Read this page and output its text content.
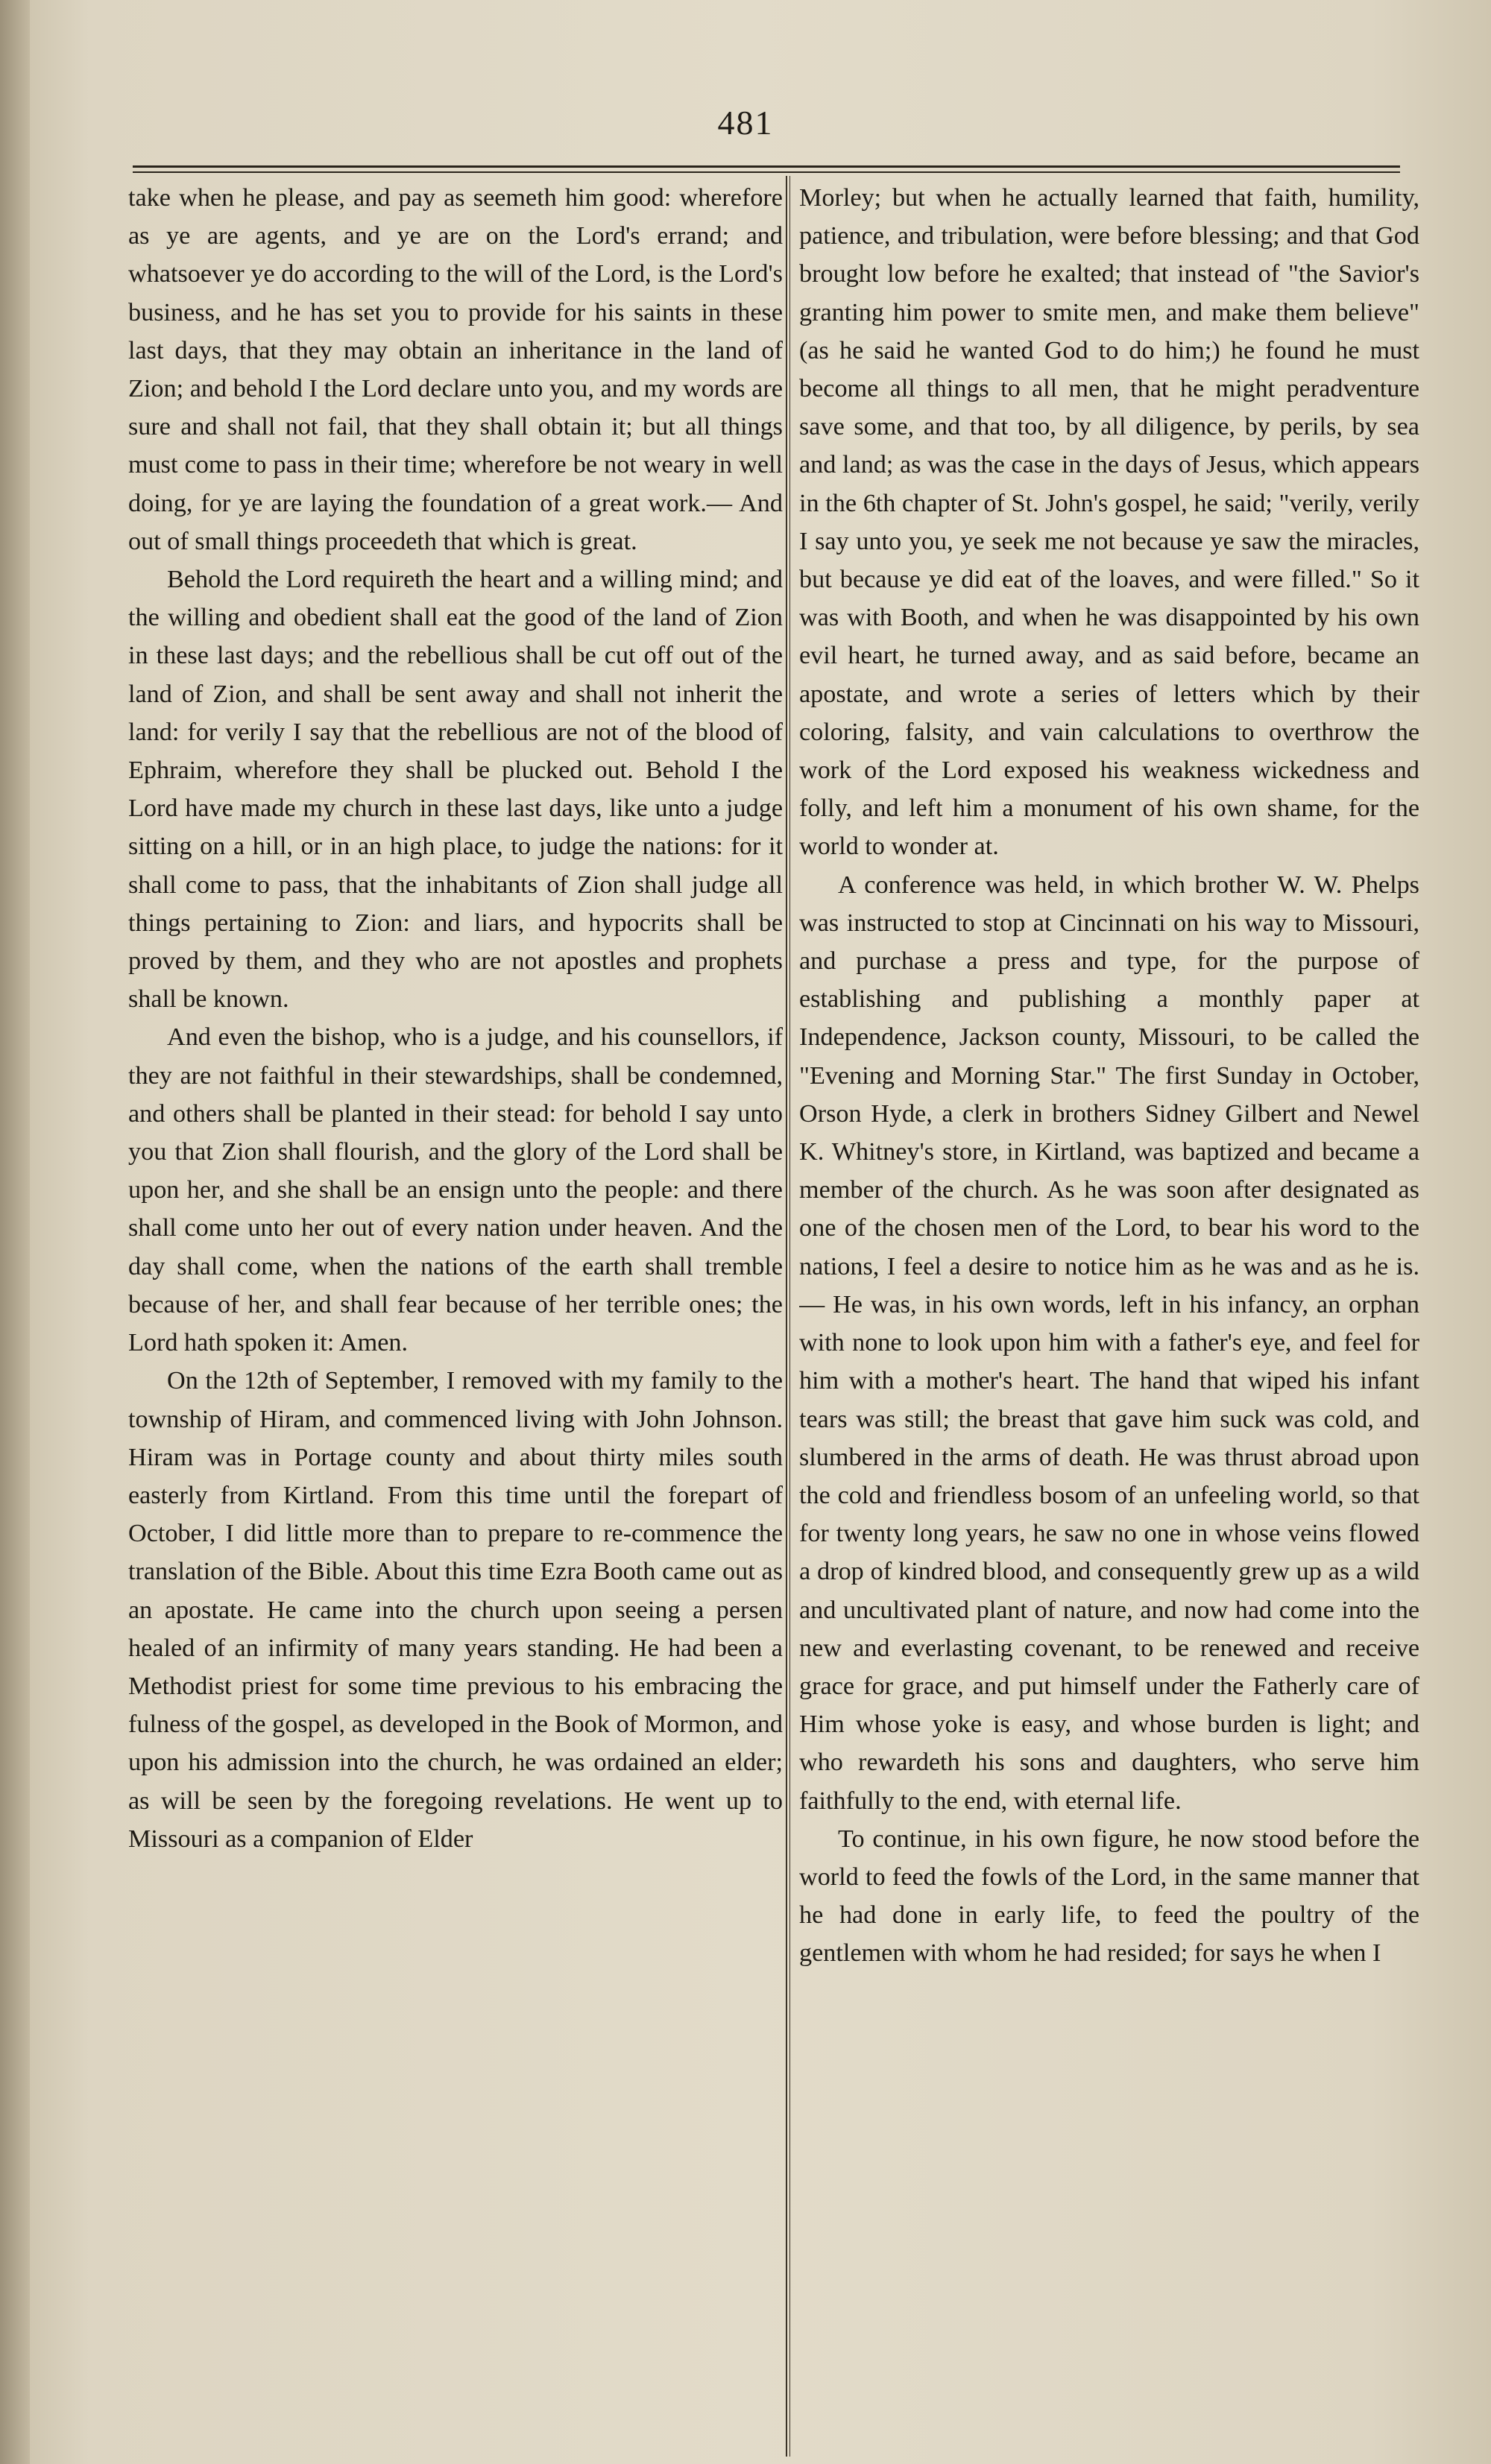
481

take when he please, and pay as seemeth him good: wherefore as ye are agents, and ye are on the Lord's errand; and whatsoever ye do according to the will of the Lord, is the Lord's business, and he has set you to provide for his saints in these last days, that they may obtain an inheritance in the land of Zion; and behold I the Lord declare unto you, and my words are sure and shall not fail, that they shall obtain it; but all things must come to pass in their time; wherefore be not weary in well doing, for ye are laying the foundation of a great work.— And out of small things proceedeth that which is great.

Behold the Lord requireth the heart and a willing mind; and the willing and obedient shall eat the good of the land of Zion in these last days; and the rebellious shall be cut off out of the land of Zion, and shall be sent away and shall not inherit the land: for verily I say that the rebellious are not of the blood of Ephraim, wherefore they shall be plucked out. Behold I the Lord have made my church in these last days, like unto a judge sitting on a hill, or in an high place, to judge the nations: for it shall come to pass, that the inhabitants of Zion shall judge all things pertaining to Zion: and liars, and hypocrits shall be proved by them, and they who are not apostles and prophets shall be known.

And even the bishop, who is a judge, and his counsellors, if they are not faithful in their stewardships, shall be condemned, and others shall be planted in their stead: for behold I say unto you that Zion shall flourish, and the glory of the Lord shall be upon her, and she shall be an ensign unto the people: and there shall come unto her out of every nation under heaven. And the day shall come, when the nations of the earth shall tremble because of her, and shall fear because of her terrible ones; the Lord hath spoken it: Amen.

On the 12th of September, I removed with my family to the township of Hiram, and commenced living with John Johnson. Hiram was in Portage county and about thirty miles south easterly from Kirtland. From this time until the forepart of October, I did little more than to prepare to re-commence the translation of the Bible. About this time Ezra Booth came out as an apostate. He came into the church upon seeing a persen healed of an infirmity of many years standing. He had been a Methodist priest for some time previous to his embracing the fulness of the gospel, as developed in the Book of Mormon, and upon his admission into the church, he was ordained an elder; as will be seen by the foregoing revelations. He went up to Missouri as a companion of Elder

Morley; but when he actually learned that faith, humility, patience, and tribulation, were before blessing; and that God brought low before he exalted; that instead of "the Savior's granting him power to smite men, and make them believe" (as he said he wanted God to do him;) he found he must become all things to all men, that he might peradventure save some, and that too, by all diligence, by perils, by sea and land; as was the case in the days of Jesus, which appears in the 6th chapter of St. John's gospel, he said; "verily, verily I say unto you, ye seek me not because ye saw the miracles, but because ye did eat of the loaves, and were filled." So it was with Booth, and when he was disappointed by his own evil heart, he turned away, and as said before, became an apostate, and wrote a series of letters which by their coloring, falsity, and vain calculations to overthrow the work of the Lord exposed his weakness wickedness and folly, and left him a monument of his own shame, for the world to wonder at.

A conference was held, in which brother W. W. Phelps was instructed to stop at Cincinnati on his way to Missouri, and purchase a press and type, for the purpose of establishing and publishing a monthly paper at Independence, Jackson county, Missouri, to be called the "Evening and Morning Star." The first Sunday in October, Orson Hyde, a clerk in brothers Sidney Gilbert and Newel K. Whitney's store, in Kirtland, was baptized and became a member of the church. As he was soon after designated as one of the chosen men of the Lord, to bear his word to the nations, I feel a desire to notice him as he was and as he is.— He was, in his own words, left in his infancy, an orphan with none to look upon him with a father's eye, and feel for him with a mother's heart. The hand that wiped his infant tears was still; the breast that gave him suck was cold, and slumbered in the arms of death. He was thrust abroad upon the cold and friendless bosom of an unfeeling world, so that for twenty long years, he saw no one in whose veins flowed a drop of kindred blood, and consequently grew up as a wild and uncultivated plant of nature, and now had come into the new and everlasting covenant, to be renewed and receive grace for grace, and put himself under the Fatherly care of Him whose yoke is easy, and whose burden is light; and who rewardeth his sons and daughters, who serve him faithfully to the end, with eternal life.

To continue, in his own figure, he now stood before the world to feed the fowls of the Lord, in the same manner that he had done in early life, to feed the poultry of the gentlemen with whom he had resided; for says he when I
